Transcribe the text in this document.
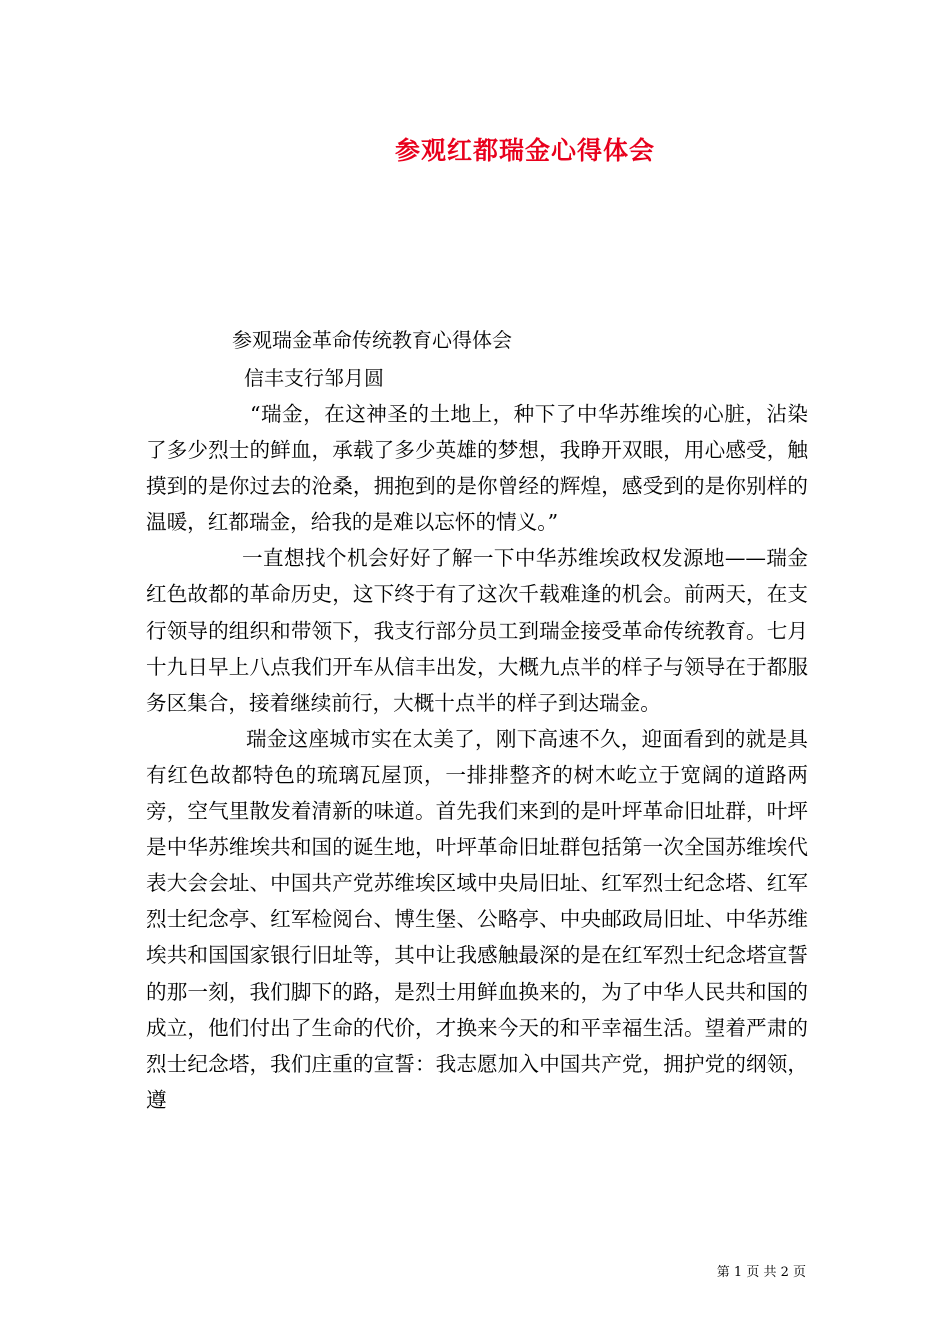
参观红都瑞金心得体会
参观瑞金革命传统教育心得体会
信丰支行邹月圆

“瑞金，在这神圣的土地上，种下了中华苏维埃的心脏，沾染了多少烈士的鲜血，承载了多少英雄的梦想，我睁开双眼，用心感受，触摸到的是你过去的沧桑，拥抱到的是你曾经的辉煌，感受到的是你别样的温暖，红都瑞金，给我的是难以忘怀的情义。”

一直想找个机会好好了解一下中华苏维埃政权发源地——瑞金红色故都的革命历史，这下终于有了这次千载难逢的机会。前两天，在支行领导的组织和带领下，我支行部分员工到瑞金接受革命传统教育。七月十九日早上八点我们开车从信丰出发，大概九点半的样子与领导在于都服务区集合，接着继续前行，大概十点半的样子到达瑞金。

瑞金这座城市实在太美了，刚下高速不久，迎面看到的就是具有红色故都特色的琉璃瓦屋顶，一排排整齐的树木屹立于宽阔的道路两旁，空气里散发着清新的味道。首先我们来到的是叶坪革命旧址群，叶坪是中华苏维埃共和国的诞生地，叶坪革命旧址群包括第一次全国苏维埃代表大会会址、中国共产党苏维埃区域中央局旧址、红军烈士纪念塔、红军烈士纪念亭、红军检阅台、博生堡、公略亭、中央邮政局旧址、中华苏维埃共和国国家银行旧址等，其中让我感触最深的是在红军烈士纪念塔宣誓的那一刻，我们脚下的路，是烈士用鲜血换来的，为了中华人民共和国的成立，他们付出了生命的代价，才换来今天的和平幸福生活。望着严肃的烈士纪念塔，我们庄重的宣誓：我志愿加入中国共产党，拥护党的纲领，遵

第 1 页 共 2 页
